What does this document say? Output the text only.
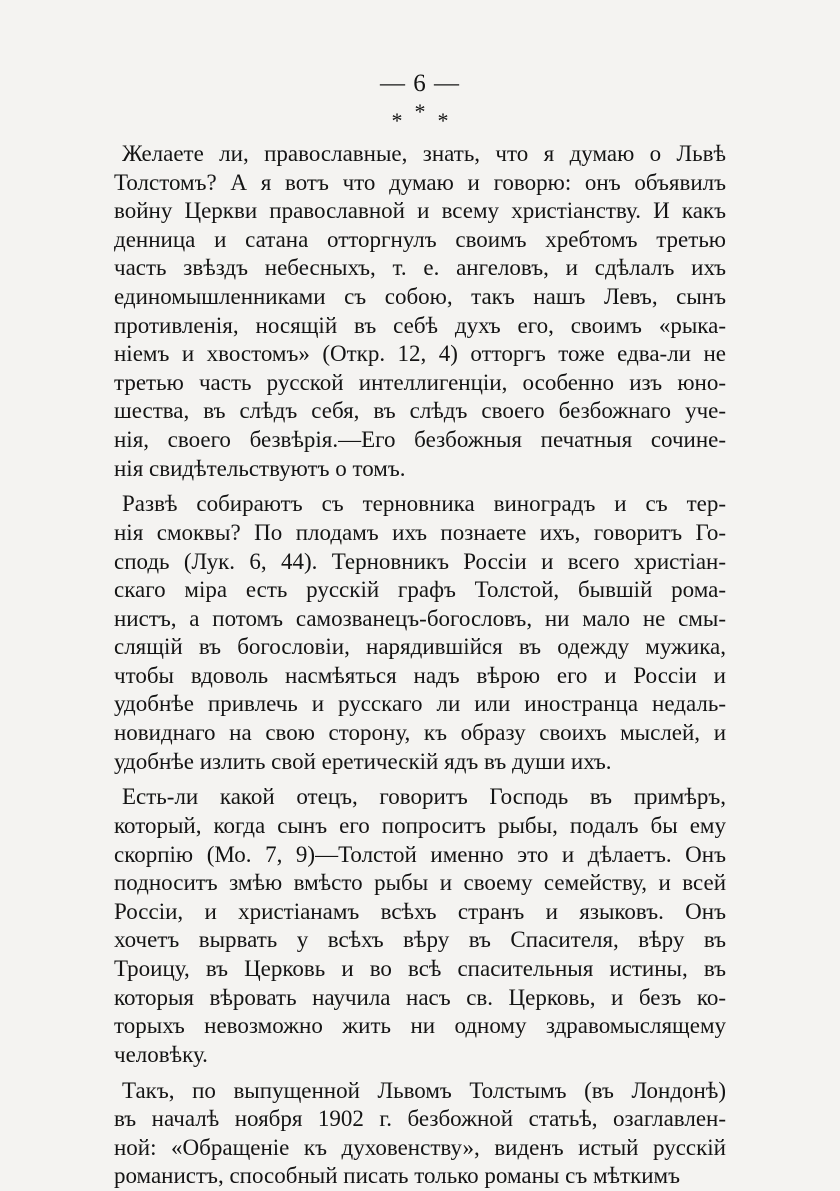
— 6 —
* * *
Желаете ли, православные, знать, что я думаю о Львѣ
Толстомъ? А я вотъ что думаю и говорю: онъ объявилъ
войну Церкви православной и всему христіанству. И какъ
денница и сатана отторгнулъ своимъ хребтомъ третью
часть звѣздъ небесныхъ, т. е. ангеловъ, и сдѣлалъ ихъ
единомышленниками съ собою, такъ нашъ Левъ, сынъ
противленія, носящій въ себѣ духъ его, своимъ «рыка-
ніемъ и хвостомъ» (Откр. 12, 4) отторгъ тоже едва-ли не
третью часть русской интеллигенціи, особенно изъ юно-
шества, въ слѣдъ себя, въ слѣдъ своего безбожнаго уче-
нія, своего безвѣрія.—Его безбожныя печатныя сочине-
нія свидѣтельствуютъ о томъ.
Развѣ собираютъ съ терновника виноградъ и съ тер-
нія смоквы? По плодамъ ихъ познаете ихъ, говоритъ Го-
сподь (Лук. 6, 44). Терновникъ Россіи и всего христіан-
скаго міра есть русскій графъ Толстой, бывшій рома-
нистъ, а потомъ самозванецъ-богословъ, ни мало не смы-
слящій въ богословіи, нарядившійся въ одежду мужика,
чтобы вдоволь насмѣяться надъ вѣрою его и Россіи и
удобнѣе привлечь и русскаго ли или иностранца недаль-
новиднаго на свою сторону, къ образу своихъ мыслей, и
удобнѣе излить свой еретическій ядъ въ души ихъ.
Есть-ли какой отецъ, говоритъ Господь въ примѣръ,
который, когда сынъ его попроситъ рыбы, подалъ бы ему
скорпію (Мо. 7, 9)—Толстой именно это и дѣлаетъ. Онъ
подноситъ змѣю вмѣсто рыбы и своему семейству, и всей
Россіи, и христіанамъ всѣхъ странъ и языковъ. Онъ
хочетъ вырвать у всѣхъ вѣру въ Спасителя, вѣру въ
Троицу, въ Церковь и во всѣ спасительныя истины, въ
которыя вѣровать научила насъ св. Церковь, и безъ ко-
торыхъ невозможно жить ни одному здравомыслящему
человѣку.
Такъ, по выпущенной Львомъ Толстымъ (въ Лондонѣ)
въ началѣ ноября 1902 г. безбожной статьѣ, озаглавлен-
ной: «Обращеніе къ духовенству», виденъ истый русскій
романистъ, способный писать только романы съ мѣткимъ
